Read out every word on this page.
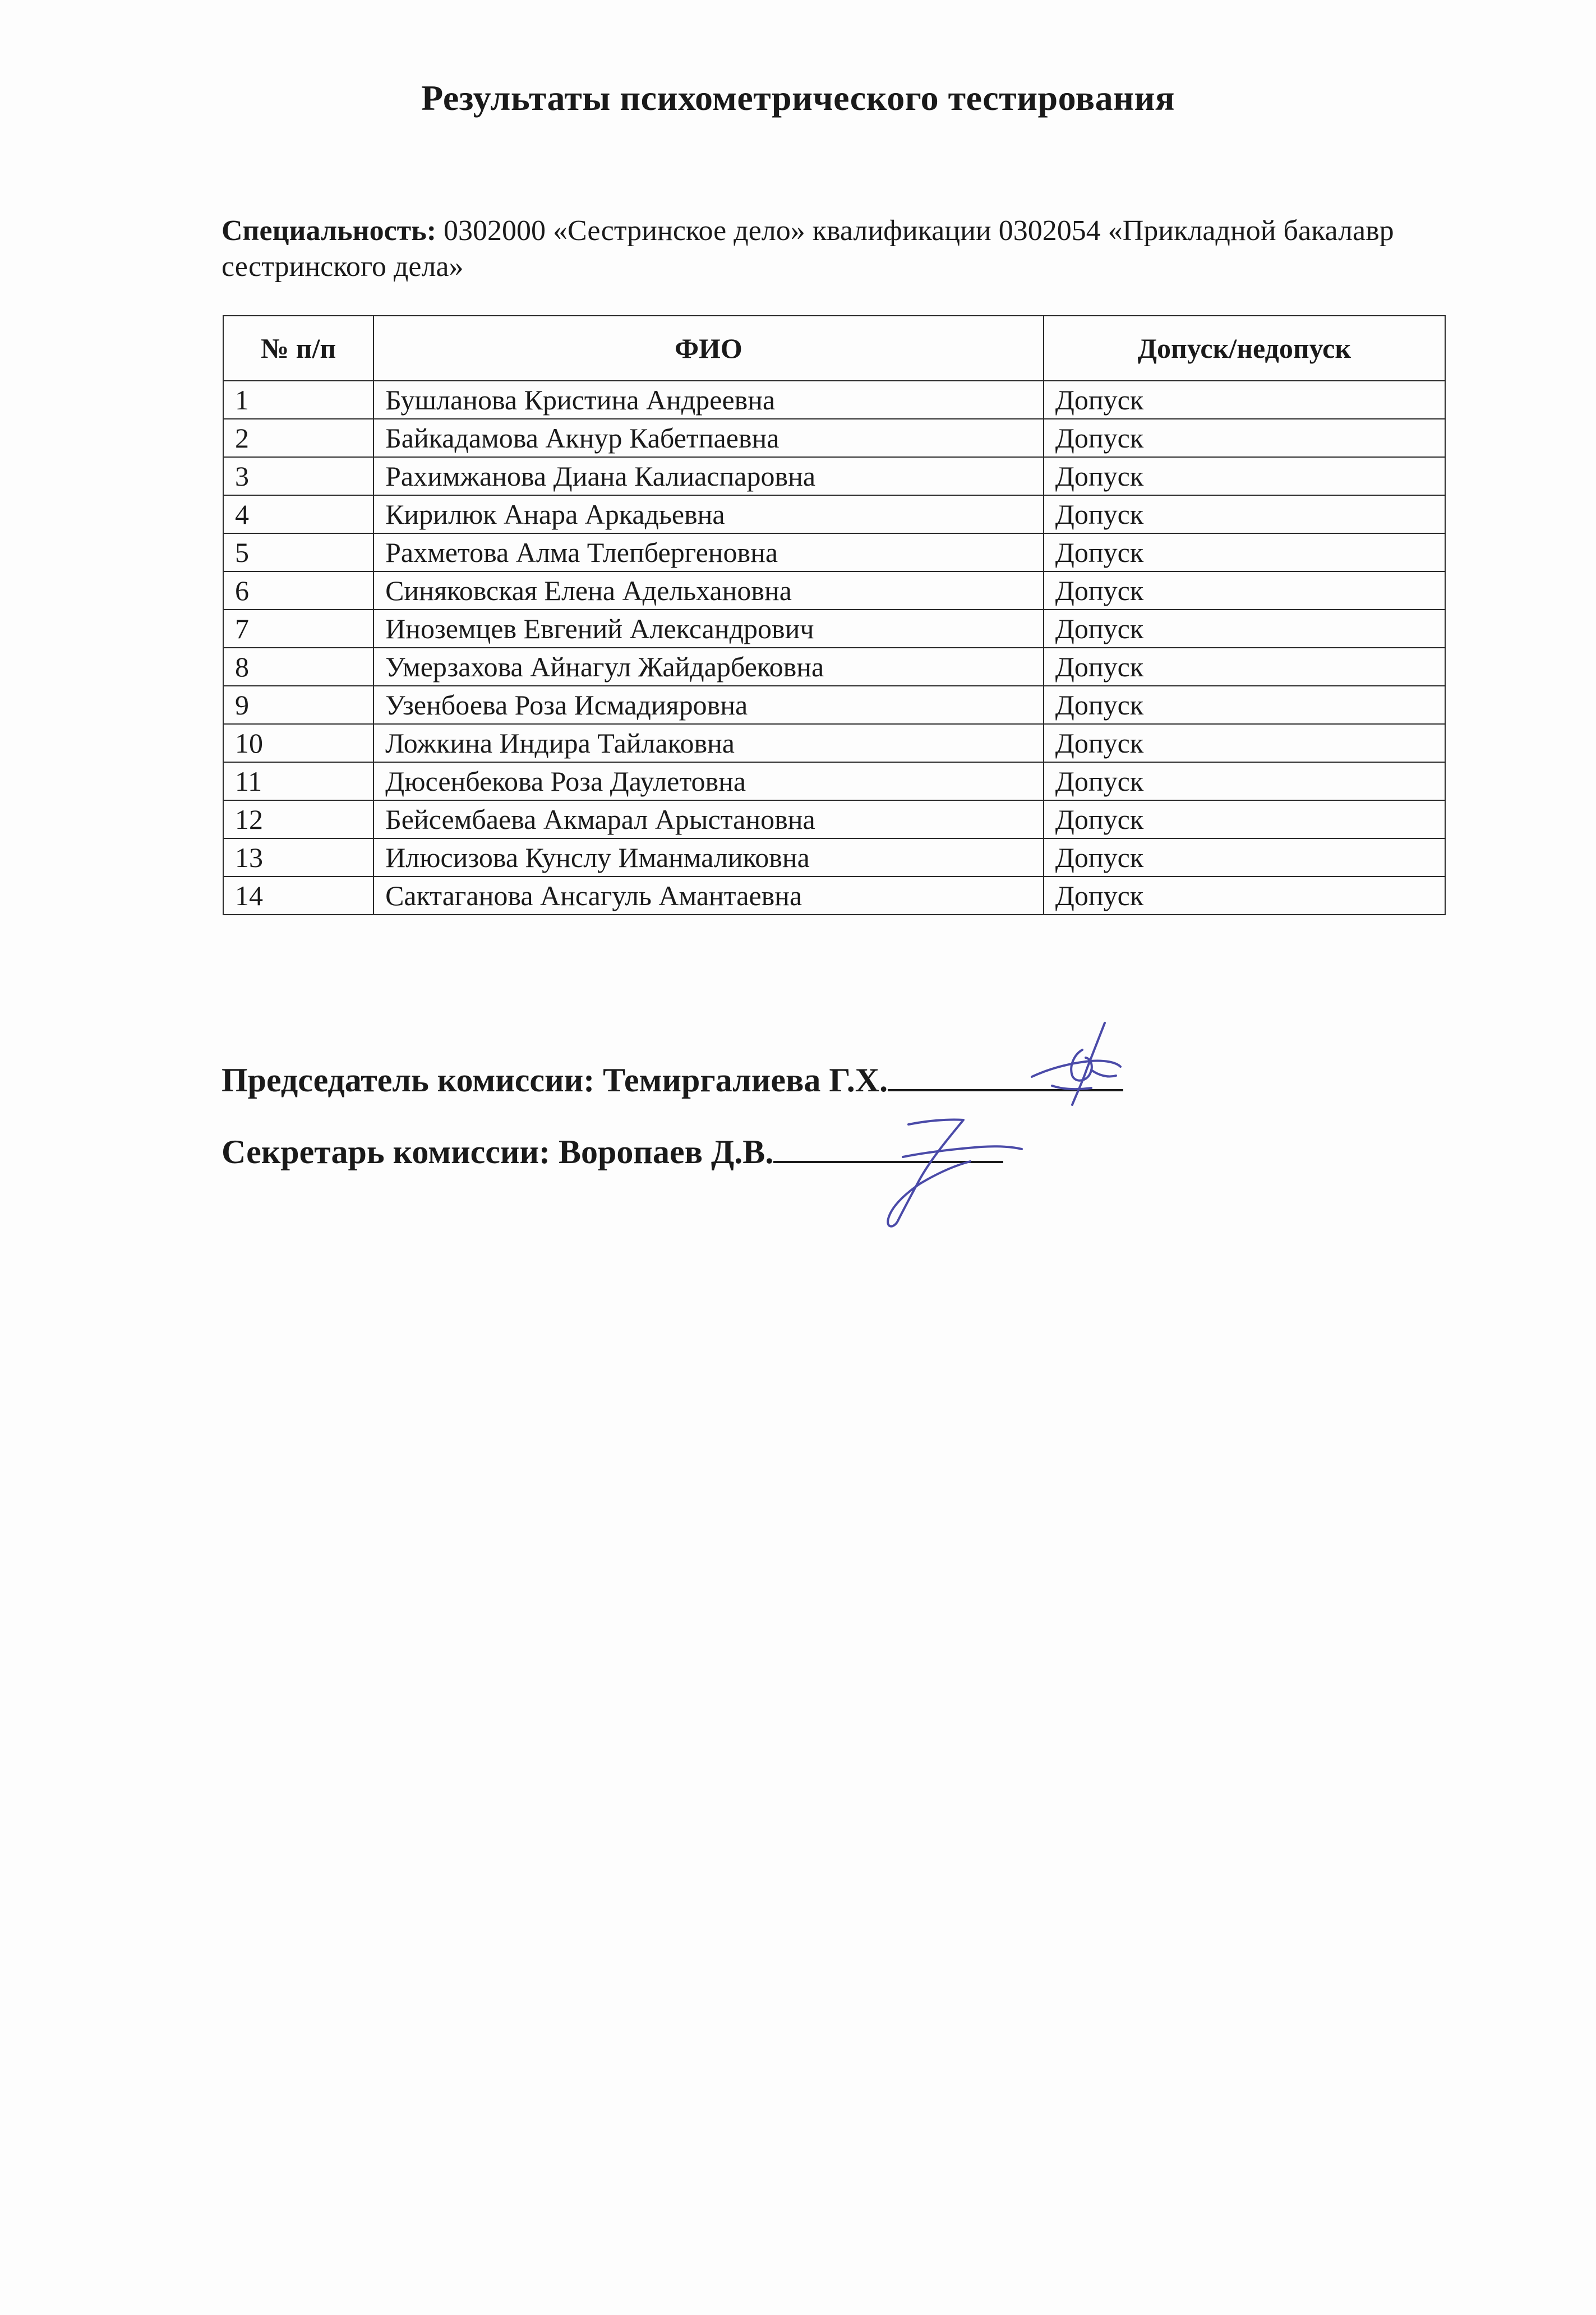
Результаты психометрического тестирования
Специальность: 0302000 «Сестринское дело» квалификации 0302054 «Прикладной бакалавр сестринского дела»
№ п/п	ФИО	Допуск/недопуск
1	Бушланова Кристина Андреевна	Допуск
2	Байкадамова Акнур Кабетпаевна	Допуск
3	Рахимжанова Диана Калиаспаровна	Допуск
4	Кирилюк Анара Аркадьевна	Допуск
5	Рахметова Алма Тлепбергеновна	Допуск
6	Синяковская Елена Адельхановна	Допуск
7	Иноземцев Евгений Александрович	Допуск
8	Умерзахова Айнагул Жайдарбековна	Допуск
9	Узенбоева Роза Исмадияровна	Допуск
10	Ложкина Индира Тайлаковна	Допуск
11	Дюсенбекова Роза Даулетовна	Допуск
12	Бейсембаева Акмарал Арыстановна	Допуск
13	Илюсизова Кунслу Иманмаликовна	Допуск
14	Сактаганова Ансагуль Амантаевна	Допуск
Председатель комиссии: Темиргалиева Г.Х.
Секретарь комиссии: Воропаев Д.В.
